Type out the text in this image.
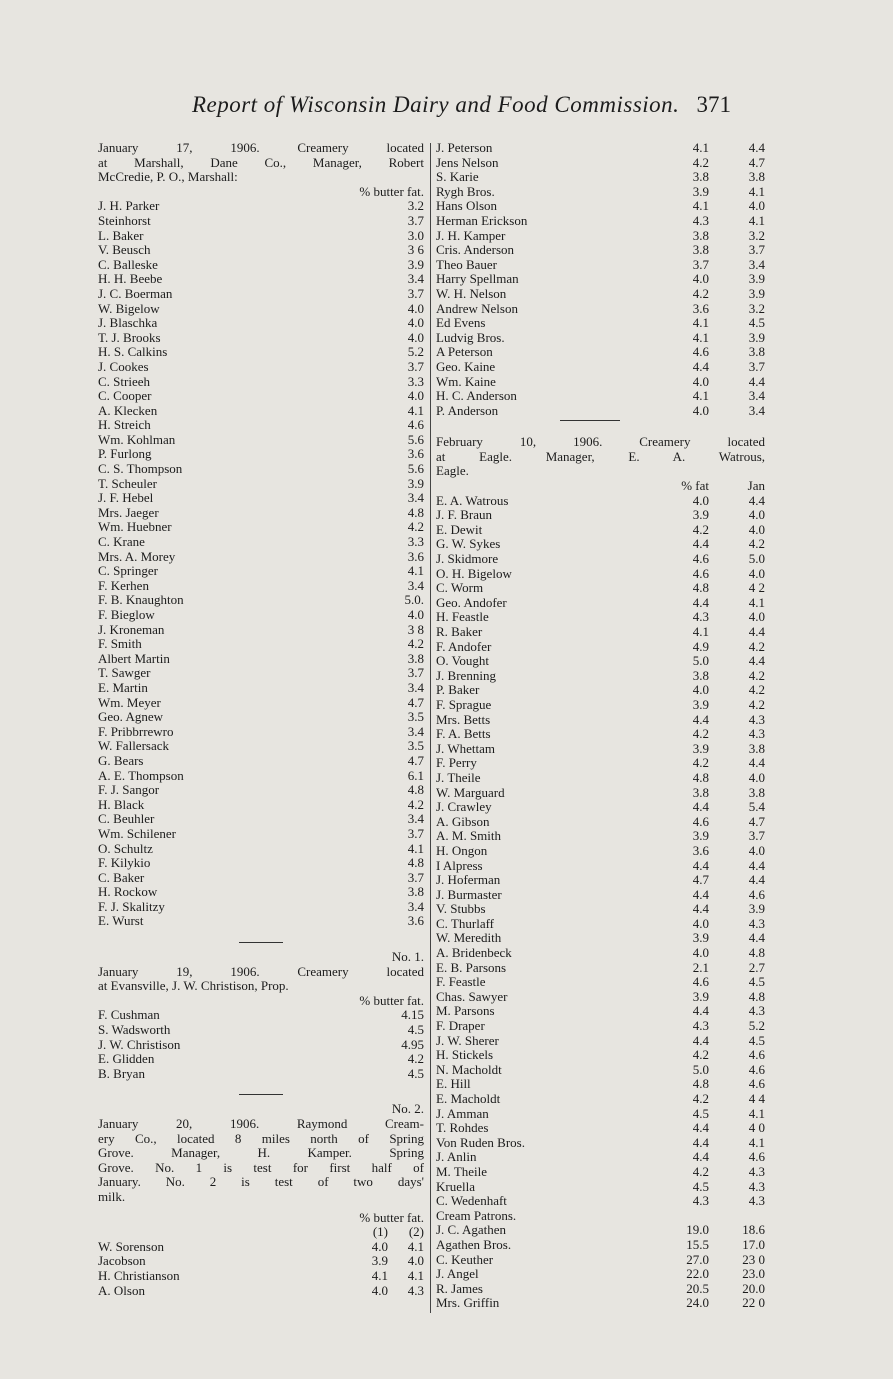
Report of Wisconsin Dairy and Food Commission. 371
January 17, 1906. Creamery located
at Marshall, Dane Co., Manager, Robert
McCredie, P. O., Marshall:
% butter fat.
J. H. Parker	3.2
Steinhorst	3.7
L. Baker	3.0
V. Beusch	3 6
C. Balleske	3.9
H. H. Beebe	3.4
J. C. Boerman	3.7
W. Bigelow	4.0
J. Blaschka	4.0
T. J. Brooks	4.0
H. S. Calkins	5.2
J. Cookes	3.7
C. Strieeh	3.3
C. Cooper	4.0
A. Klecken	4.1
H. Streich	4.6
Wm. Kohlman	5.6
P. Furlong	3.6
C. S. Thompson	5.6
T. Scheuler	3.9
J. F. Hebel	3.4
Mrs. Jaeger	4.8
Wm. Huebner	4.2
C. Krane	3.3
Mrs. A. Morey	3.6
C. Springer	4.1
F. Kerhen	3.4
F. B. Knaughton	5.0.
F. Bieglow	4.0
J. Kroneman	3 8
F. Smith	4.2
Albert Martin	3.8
T. Sawger	3.7
E. Martin	3.4
Wm. Meyer	4.7
Geo. Agnew	3.5
F. Pribbrrewro	3.4
W. Fallersack	3.5
G. Bears	4.7
A. E. Thompson	6.1
F. J. Sangor	4.8
H. Black	4.2
C. Beuhler	3.4
Wm. Schilener	3.7
O. Schultz	4.1
F. Kilykio	4.8
C. Baker	3.7
H. Rockow	3.8
F. J. Skalitzy	3.4
E. Wurst	3.6
No. 1.
January 19, 1906. Creamery located
at Evansville, J. W. Christison, Prop.
% butter fat.
F. Cushman	4.15
S. Wadsworth	4.5
J. W. Christison	4.95
E. Glidden	4.2
B. Bryan	4.5
No. 2.
January 20, 1906. Raymond Cream-
ery Co., located 8 miles north of Spring
Grove. Manager, H. Kamper. Spring
Grove. No. 1 is test for first half of
January. No. 2 is test of two days'
milk.
% butter fat.
(1)	(2)
W. Sorenson	4.0	4.1
Jacobson	3.9	4.0
H. Christianson	4.1	4.1
A. Olson	4.0	4.3
J. Peterson	4.1	4.4
Jens Nelson	4.2	4.7
S. Karie	3.8	3.8
Rygh Bros.	3.9	4.1
Hans Olson	4.1	4.0
Herman Erickson	4.3	4.1
J. H. Kamper	3.8	3.2
Cris. Anderson	3.8	3.7
Theo Bauer	3.7	3.4
Harry Spellman	4.0	3.9
W. H. Nelson	4.2	3.9
Andrew Nelson	3.6	3.2
Ed Evens	4.1	4.5
Ludvig Bros.	4.1	3.9
A Peterson	4.6	3.8
Geo. Kaine	4.4	3.7
Wm. Kaine	4.0	4.4
H. C. Anderson	4.1	3.4
P. Anderson	4.0	3.4
February 10, 1906. Creamery located
at Eagle. Manager, E. A. Watrous,
Eagle.
% fat	Jan
E. A. Watrous	4.0	4.4
J. F. Braun	3.9	4.0
E. Dewit	4.2	4.0
G. W. Sykes	4.4	4.2
J. Skidmore	4.6	5.0
O. H. Bigelow	4.6	4.0
C. Worm	4.8	4 2
Geo. Andofer	4.4	4.1
H. Feastle	4.3	4.0
R. Baker	4.1	4.4
F. Andofer	4.9	4.2
O. Vought	5.0	4.4
J. Brenning	3.8	4.2
P. Baker	4.0	4.2
F. Sprague	3.9	4.2
Mrs. Betts	4.4	4.3
F. A. Betts	4.2	4.3
J. Whettam	3.9	3.8
F. Perry	4.2	4.4
J. Theile	4.8	4.0
W. Marguard	3.8	3.8
J. Crawley	4.4	5.4
A. Gibson	4.6	4.7
A. M. Smith	3.9	3.7
H. Ongon	3.6	4.0
I Alpress	4.4	4.4
J. Hoferman	4.7	4.4
J. Burmaster	4.4	4.6
V. Stubbs	4.4	3.9
C. Thurlaff	4.0	4.3
W. Meredith	3.9	4.4
A. Bridenbeck	4.0	4.8
E. B. Parsons	2.1	2.7
F. Feastle	4.6	4.5
Chas. Sawyer	3.9	4.8
M. Parsons	4.4	4.3
F. Draper	4.3	5.2
J. W. Sherer	4.4	4.5
H. Stickels	4.2	4.6
N. Macholdt	5.0	4.6
E. Hill	4.8	4.6
E. Macholdt	4.2	4 4
J. Amman	4.5	4.1
T. Rohdes	4.4	4 0
Von Ruden Bros.	4.4	4.1
J. Anlin	4.4	4.6
M. Theile	4.2	4.3
Kruella	4.5	4.3
C. Wedenhaft	4.3	4.3
Cream Patrons.
J. C. Agathen	19.0	18.6
Agathen Bros.	15.5	17.0
C. Keuther	27.0	23 0
J. Angel	22.0	23.0
R. James	20.5	20.0
Mrs. Griffin	24.0	22 0
